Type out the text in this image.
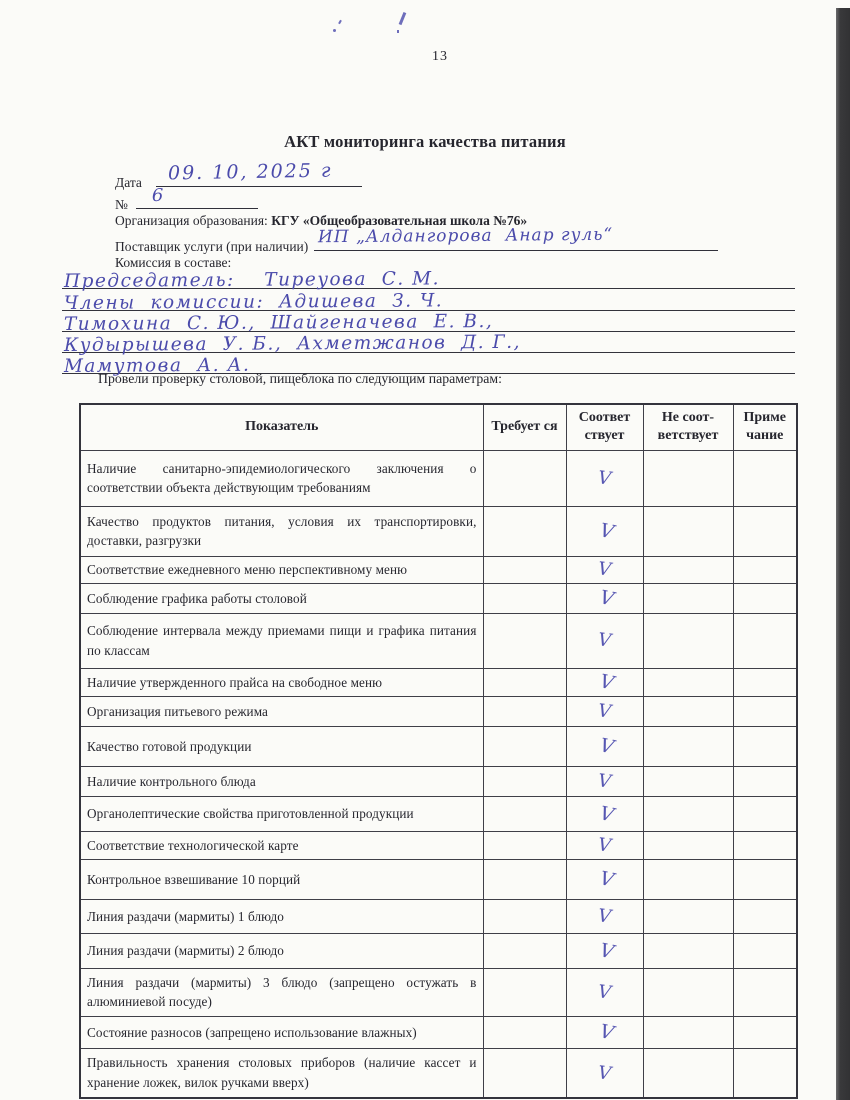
13
АКТ мониторинга качества питания
Дата 09. 10, 2025 г
№ 6
Организация образования: КГУ «Общеобразовательная школа №76»
Поставщик услуги (при наличии) ИП „Алдангорова  Анар гуль“
Комиссия в составе:
Председатель:    Тиреуова  С. М.
Члены  комиссии:  Адишева  З. Ч.
Тимохина  С. Ю.,  Шайгеначева  Е. В.,
Кудырышева  У. Б.,  Ахметжанов  Д. Г.,
Мамутова  А. А.
Провели проверку столовой, пищеблока по следующим параметрам:
Показатель	Требует ся	Соответ ствует	Не соот- ветствует	Приме чание
Наличие санитарно-эпидемиологического заключения о соответствии объекта действующим требованиям		V		
Качество продуктов питания, условия их транспортировки, доставки, разгрузки		V		
Соответствие ежедневного меню перспективному меню		V		
Соблюдение графика работы столовой		V		
Соблюдение интервала между приемами пищи и графика питания по классам		V		
Наличие утвержденного прайса на свободное меню		V		
Организация питьевого режима		V		
Качество готовой продукции		V		
Наличие контрольного блюда		V		
Органолептические свойства приготовленной продукции		V		
Соответствие технологической карте		V		
Контрольное взвешивание 10 порций		V		
Линия раздачи (мармиты) 1 блюдо		V		
Линия раздачи (мармиты) 2 блюдо		V		
Линия раздачи (мармиты) 3 блюдо (запрещено остужать в алюминиевой посуде)		V		
Состояние разносов (запрещено использование влажных)		V		
Правильность хранения столовых приборов (наличие кассет и хранение ложек, вилок ручками вверх)		V		
